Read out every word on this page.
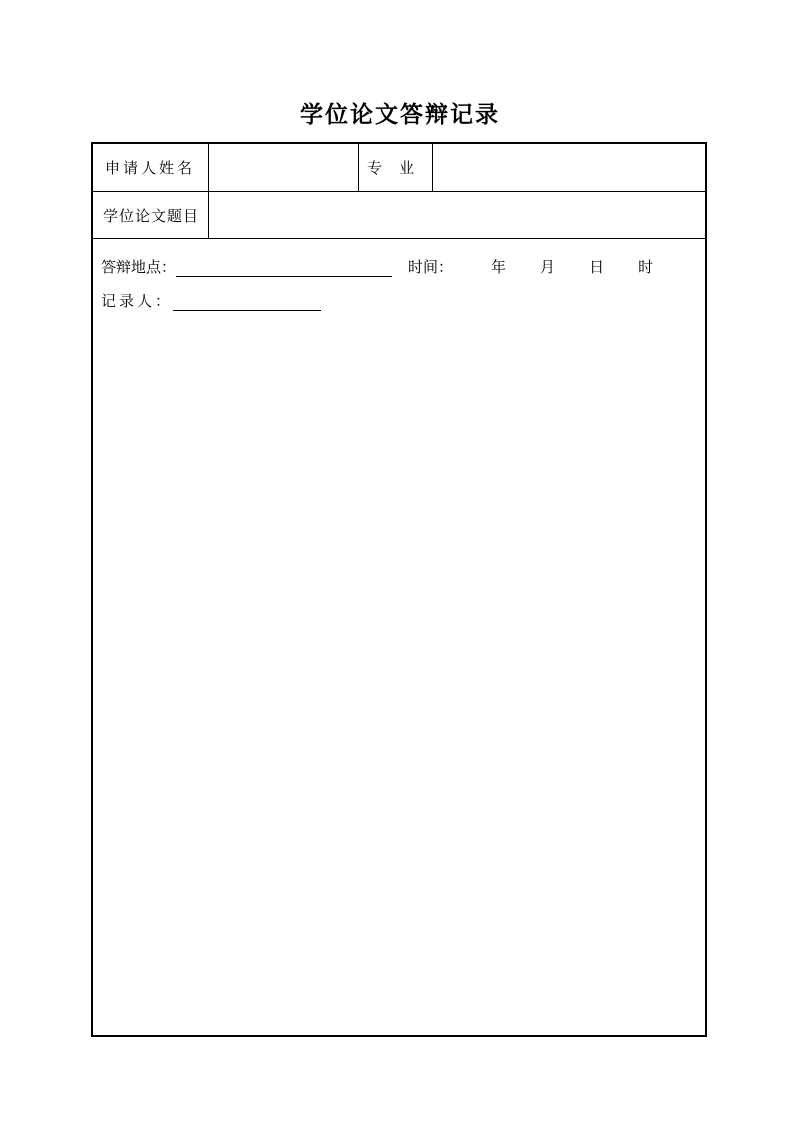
学位论文答辩记录
申请人姓名	专　业
学位论文题目
答辩地点：	时间：	年 月 日 时
记录人：
